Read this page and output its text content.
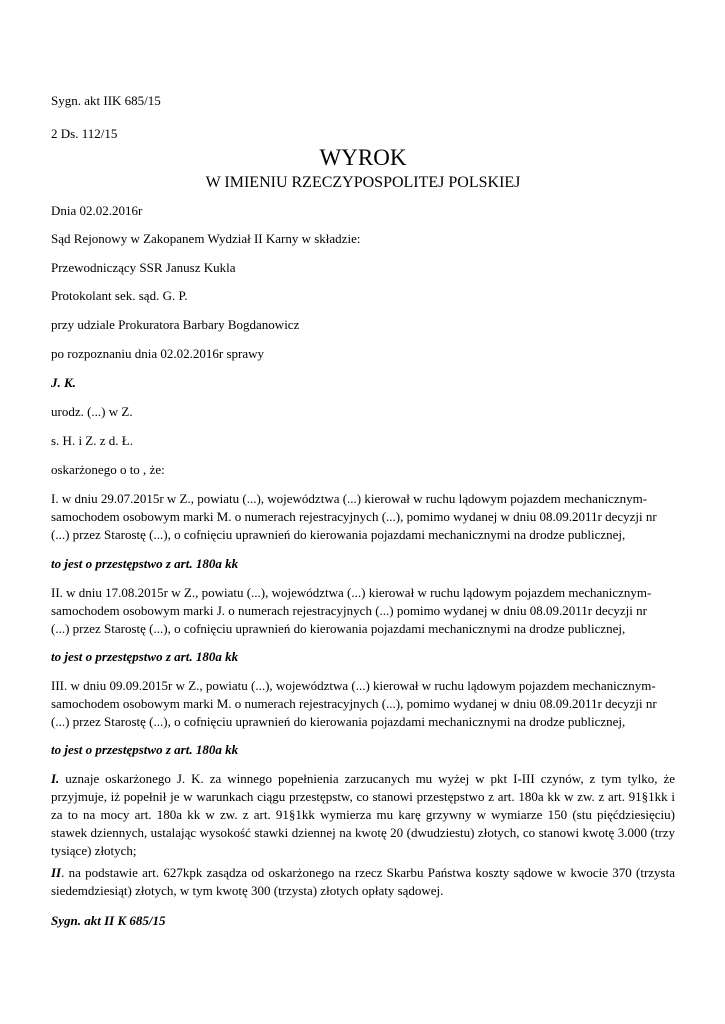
Sygn. akt IIK 685/15
2 Ds. 112/15
WYROK
W IMIENIU RZECZYPOSPOLITEJ POLSKIEJ
Dnia 02.02.2016r
Sąd Rejonowy w Zakopanem Wydział II Karny w składzie:
Przewodniczący SSR Janusz Kukla
Protokolant sek. sąd. G. P.
przy udziale Prokuratora Barbary Bogdanowicz
po rozpoznaniu dnia 02.02.2016r sprawy
J. K.
urodz. (...) w Z.
s. H. i Z. z d. Ł.
oskarżonego o to , że:
I. w dniu 29.07.2015r w Z., powiatu (...), województwa (...) kierował w ruchu lądowym pojazdem mechanicznym-
samochodem osobowym marki M. o numerach rejestracyjnych (...), pomimo wydanej w dniu 08.09.2011r decyzji nr
(...) przez Starostę (...), o cofnięciu uprawnień do kierowania pojazdami mechanicznymi na drodze publicznej,
to jest o przestępstwo z art. 180a kk
II. w dniu 17.08.2015r w Z., powiatu (...), województwa (...) kierował w ruchu lądowym pojazdem mechanicznym-
samochodem osobowym marki J. o numerach rejestracyjnych (...) pomimo wydanej w dniu 08.09.2011r decyzji nr
(...) przez Starostę (...), o cofnięciu uprawnień do kierowania pojazdami mechanicznymi na drodze publicznej,
to jest o przestępstwo z art. 180a kk
III. w dniu 09.09.2015r w Z., powiatu (...), województwa (...) kierował w ruchu lądowym pojazdem mechanicznym-
samochodem osobowym marki M. o numerach rejestracyjnych (...), pomimo wydanej w dniu 08.09.2011r decyzji nr
(...) przez Starostę (...), o cofnięciu uprawnień do kierowania pojazdami mechanicznymi na drodze publicznej,
to jest o przestępstwo z art. 180a kk
I. uznaje oskarżonego J. K. za winnego popełnienia zarzucanych mu wyżej w pkt I-III czynów, z tym tylko, że przyjmuje, iż popełnił je w warunkach ciągu przestępstw, co stanowi przestępstwo z art. 180a kk w zw. z art. 91§1kk i za to na mocy art. 180a kk w zw. z art. 91§1kk wymierza mu karę grzywny w wymiarze 150 (stu pięćdziesięciu) stawek dziennych, ustalając wysokość stawki dziennej na kwotę 20 (dwudziestu) złotych, co stanowi kwotę 3.000 (trzy tysiące) złotych;
II. na podstawie art. 627kpk zasądza od oskarżonego na rzecz Skarbu Państwa koszty sądowe w kwocie 370 (trzysta siedemdziesiąt) złotych, w tym kwotę 300 (trzysta) złotych opłaty sądowej.
Sygn. akt II K 685/15
